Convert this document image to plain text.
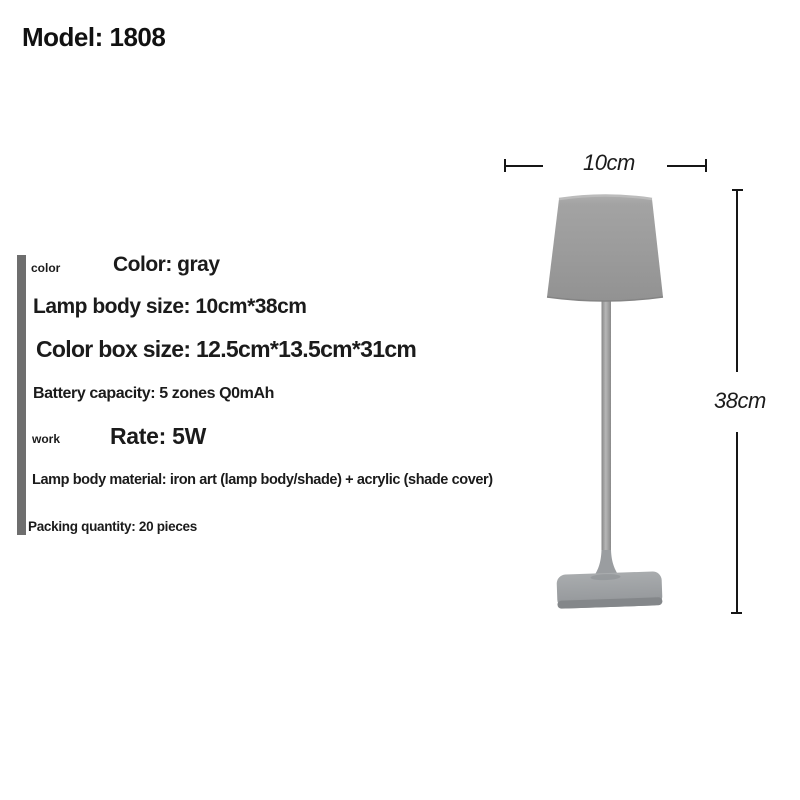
Model: 1808
color	Color: gray
Lamp body size: 10cm*38cm
Color box size: 12.5cm*13.5cm*31cm
Battery capacity: 5 zones Q0mAh
work Rate: 5W
Lamp body material: iron art (lamp body/shade) + acrylic (shade cover)
Packing quantity: 20 pieces
10cm
38cm
